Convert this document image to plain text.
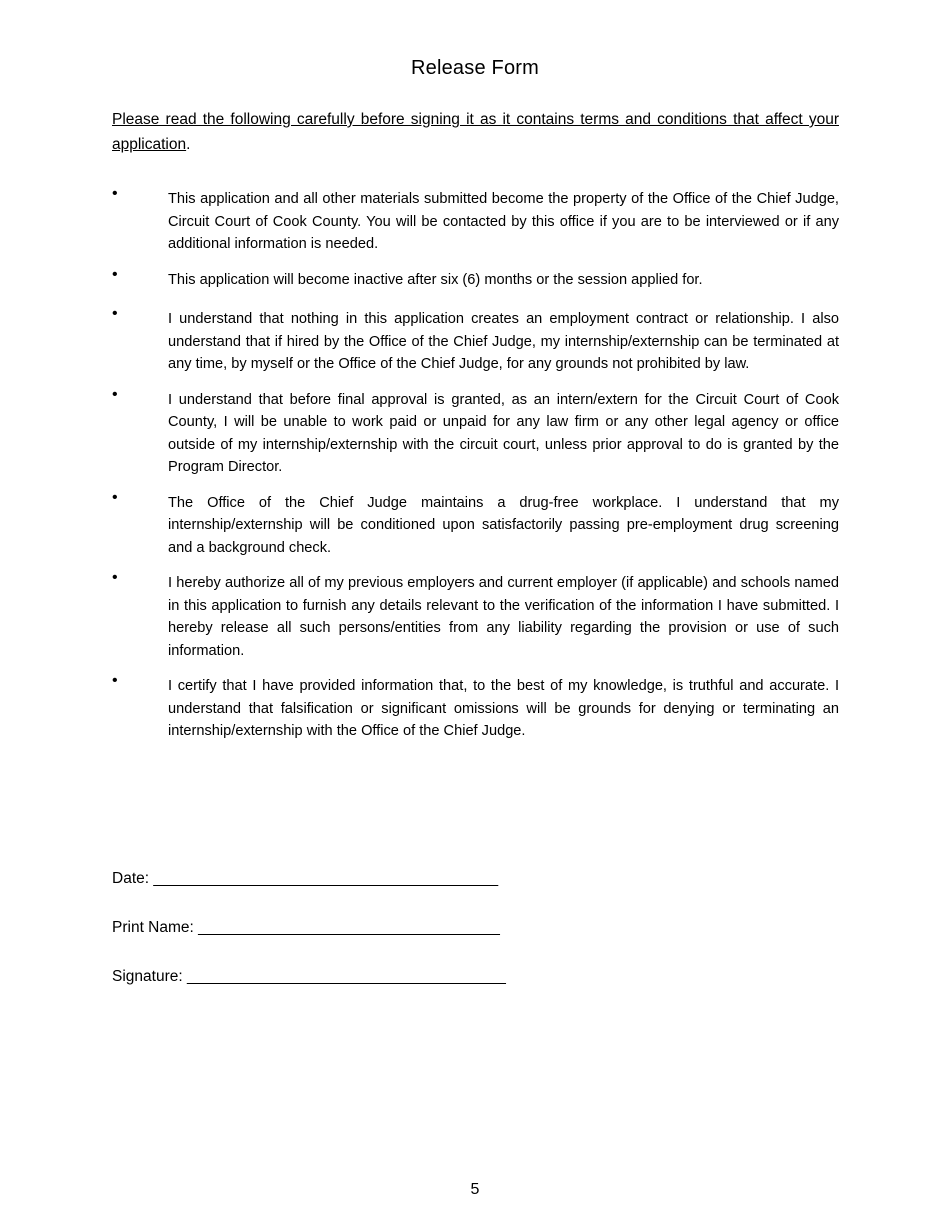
Release Form
Please read the following carefully before signing it as it contains terms and conditions that affect your application.
•	This application and all other materials submitted become the property of the Office of the Chief Judge, Circuit Court of Cook County. You will be contacted by this office if you are to be interviewed or if any additional information is needed.
•	This application will become inactive after six (6) months or the session applied for.
•	I understand that nothing in this application creates an employment contract or relationship. I also understand that if hired by the Office of the Chief Judge, my internship/externship can be terminated at any time, by myself or the Office of the Chief Judge, for any grounds not prohibited by law.
•	I understand that before final approval is granted, as an intern/extern for the Circuit Court of Cook County, I will be unable to work paid or unpaid for any law firm or any other legal agency or office outside of my internship/externship with the circuit court, unless prior approval to do is granted by the Program Director.
•	The Office of the Chief Judge maintains a drug-free workplace. I understand that my internship/externship will be conditioned upon satisfactorily passing pre-employment drug screening and a background check.
•	I hereby authorize all of my previous employers and current employer (if applicable) and schools named in this application to furnish any details relevant to the verification of the information I have submitted. I hereby release all such persons/entities from any liability regarding the provision or use of such information.
•	I certify that I have provided information that, to the best of my knowledge, is truthful and accurate. I understand that falsification or significant omissions will be grounds for denying or terminating an internship/externship with the Office of the Chief Judge.
Date: ________________________________________
Print Name: ___________________________________
Signature: _____________________________________
5
